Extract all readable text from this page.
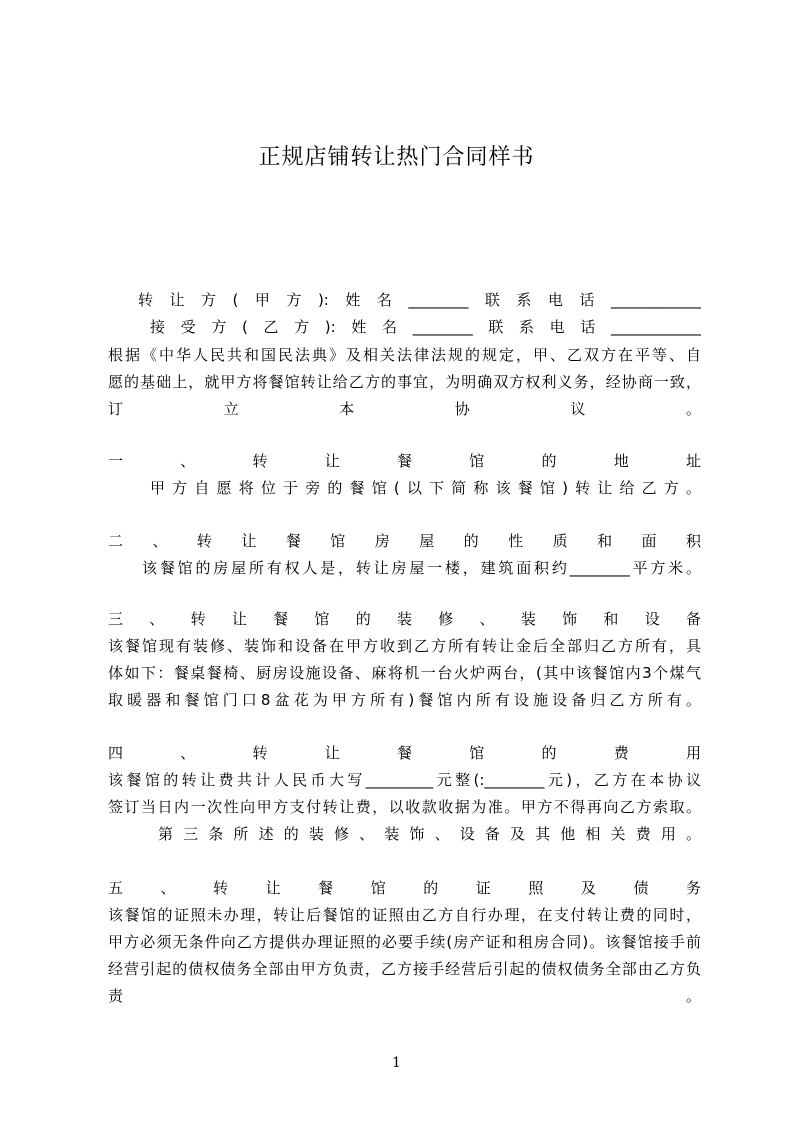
正规店铺转让热门合同样书
转让方(甲方):姓名________联系电话____________
接受方(乙方):姓名________联系电话____________
根据《中华人民共和国民法典》及相关法律法规的规定，甲、乙双方在平等、自
愿的基础上，就甲方将餐馆转让给乙方的事宜，为明确双方权利义务，经协商一致，
订立本协议。
一、转让餐馆的地址
甲方自愿将位于旁的餐馆(以下简称该餐馆)转让给乙方。
二、转让餐馆房屋的性质和面积
该餐馆的房屋所有权人是，转让房屋一楼，建筑面积约________平方米。
三、转让餐馆的装修、装饰和设备
该餐馆现有装修、装饰和设备在甲方收到乙方所有转让金后全部归乙方所有，具
体如下：餐桌餐椅、厨房设施设备、麻将机一台火炉两台，(其中该餐馆内3个煤气
取暖器和餐馆门口8盆花为甲方所有)餐馆内所有设施设备归乙方所有。
四、转让餐馆的费用
该餐馆的转让费共计人民币大写_________元整(:________元)，乙方在本协议
签订当日内一次性向甲方支付转让费，以收款收据为准。甲方不得再向乙方索取。
第三条所述的装修、装饰、设备及其他相关费用。
五、转让餐馆的证照及债务
该餐馆的证照未办理，转让后餐馆的证照由乙方自行办理，在支付转让费的同时，
甲方必须无条件向乙方提供办理证照的必要手续(房产证和租房合同)。该餐馆接手前
经营引起的债权债务全部由甲方负责，乙方接手经营后引起的债权债务全部由乙方负
责。
1
